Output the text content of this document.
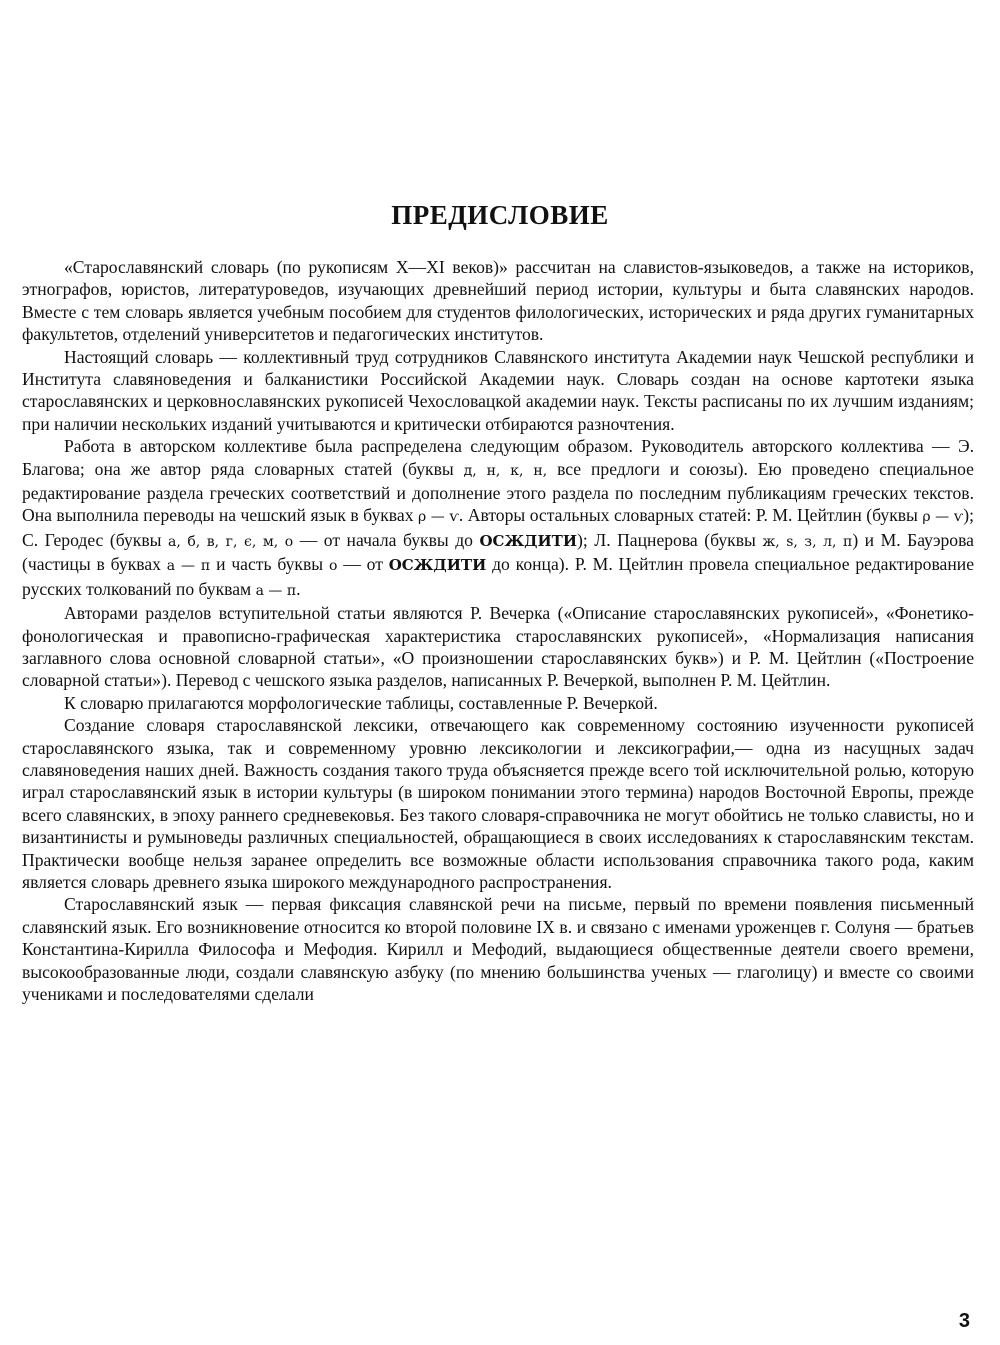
ПРЕДИСЛОВИЕ

«Старославянский словарь (по рукописям X—XI веков)» рассчитан на славистов-языковедов, а также на историков, этнографов, юристов, литературоведов, изучающих древнейший период истории, культуры и быта славянских народов. Вместе с тем словарь является учебным пособием для студентов филологических, исторических и ряда других гуманитарных факультетов, отделений университетов и педагогических институтов.

Настоящий словарь — коллективный труд сотрудников Славянского института Академии наук Чешской республики и Института славяноведения и балканистики Российской Академии наук. Словарь создан на основе картотеки языка старославянских и церковнославянских рукописей Чехословацкой академии наук. Тексты расписаны по их лучшим изданиям; при наличии нескольких изданий учитываются и критически отбираются разночтения.

Работа в авторском коллективе была распределена следующим образом. Руководитель авторского коллектива — Э. Благова; она же автор ряда словарных статей (буквы д, н, к, н, все предлоги и союзы). Ею проведено специальное редактирование раздела греческих соответствий и дополнение этого раздела по последним публикациям греческих текстов. Она выполнила переводы на чешский язык в буквах ρ — ѵ. Авторы остальных словарных статей: Р. М. Цейтлин (буквы ρ — ѵ); С. Геродес (буквы а, б, в, г, є, м, о — от начала буквы до ОСЖДИТИ); Л. Пацнерова (буквы ж, ѕ, з, л, п) и М. Бауэрова (частицы в буквах а — п и часть буквы о — от ОСЖДИТИ до конца). Р. М. Цейтлин провела специальное редактирование русских толкований по буквам а — п.

Авторами разделов вступительной статьи являются Р. Вечерка («Описание старославянских рукописей», «Фонетико-фонологическая и правописно-графическая характеристика старославянских рукописей», «Нормализация написания заглавного слова основной словарной статьи», «О произношении старославянских букв») и Р. М. Цейтлин («Построение словарной статьи»). Перевод с чешского языка разделов, написанных Р. Вечеркой, выполнен Р. М. Цейтлин.

К словарю прилагаются морфологические таблицы, составленные Р. Вечеркой.

Создание словаря старославянской лексики, отвечающего как современному состоянию изученности рукописей старославянского языка, так и современному уровню лексикологии и лексикографии,— одна из насущных задач славяноведения наших дней. Важность создания такого труда объясняется прежде всего той исключительной ролью, которую играл старославянский язык в истории культуры (в широком понимании этого термина) народов Восточной Европы, прежде всего славянских, в эпоху раннего средневековья. Без такого словаря-справочника не могут обойтись не только слависты, но и византинисты и румыноведы различных специальностей, обращающиеся в своих исследованиях к старославянским текстам. Практически вообще нельзя заранее определить все возможные области использования справочника такого рода, каким является словарь древнего языка широкого международного распространения.

Старославянский язык — первая фиксация славянской речи на письме, первый по времени появления письменный славянский язык. Его возникновение относится ко второй половине IX в. и связано с именами уроженцев г. Солуня — братьев Константина-Кирилла Философа и Мефодия. Кирилл и Мефодий, выдающиеся общественные деятели своего времени, высокообразованные люди, создали славянскую азбуку (по мнению большинства ученых — глаголицу) и вместе со своими учениками и последователями сделали

3
